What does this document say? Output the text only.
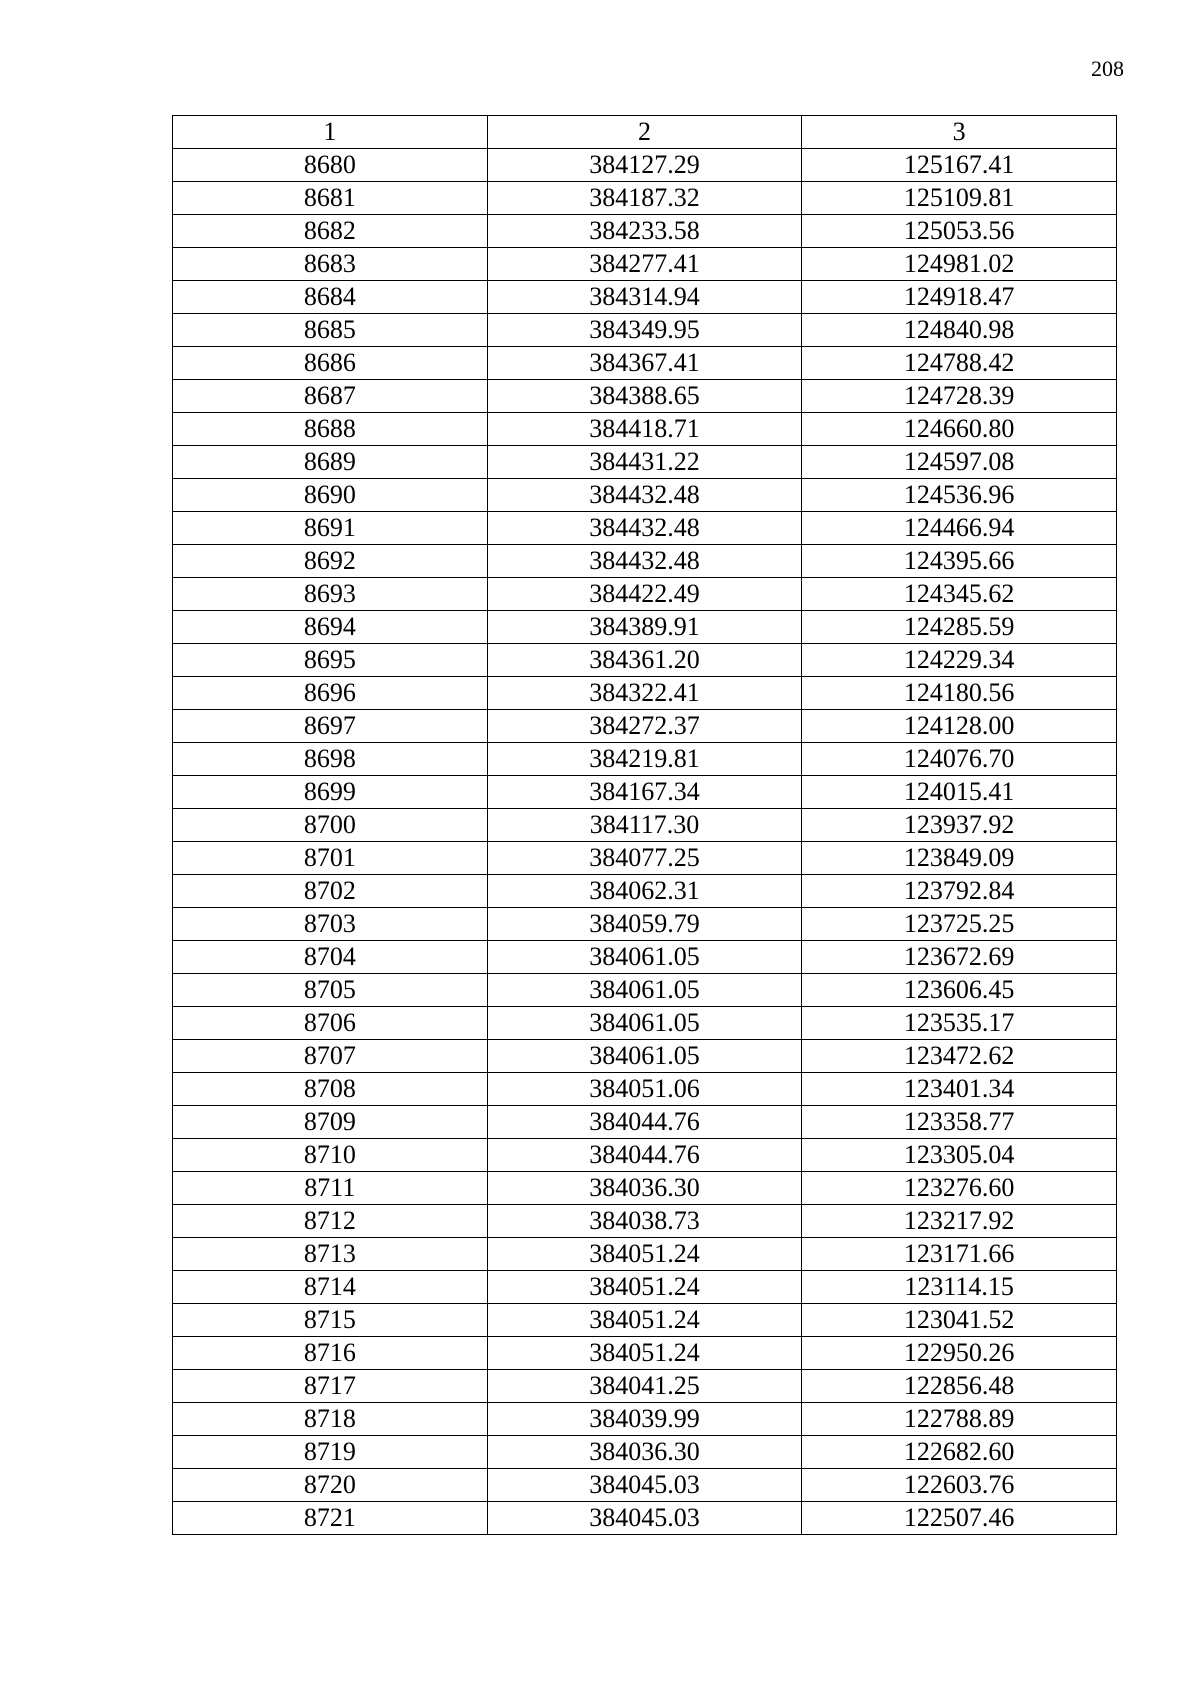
208
1	2	3
8680	384127.29	125167.41
8681	384187.32	125109.81
8682	384233.58	125053.56
8683	384277.41	124981.02
8684	384314.94	124918.47
8685	384349.95	124840.98
8686	384367.41	124788.42
8687	384388.65	124728.39
8688	384418.71	124660.80
8689	384431.22	124597.08
8690	384432.48	124536.96
8691	384432.48	124466.94
8692	384432.48	124395.66
8693	384422.49	124345.62
8694	384389.91	124285.59
8695	384361.20	124229.34
8696	384322.41	124180.56
8697	384272.37	124128.00
8698	384219.81	124076.70
8699	384167.34	124015.41
8700	384117.30	123937.92
8701	384077.25	123849.09
8702	384062.31	123792.84
8703	384059.79	123725.25
8704	384061.05	123672.69
8705	384061.05	123606.45
8706	384061.05	123535.17
8707	384061.05	123472.62
8708	384051.06	123401.34
8709	384044.76	123358.77
8710	384044.76	123305.04
8711	384036.30	123276.60
8712	384038.73	123217.92
8713	384051.24	123171.66
8714	384051.24	123114.15
8715	384051.24	123041.52
8716	384051.24	122950.26
8717	384041.25	122856.48
8718	384039.99	122788.89
8719	384036.30	122682.60
8720	384045.03	122603.76
8721	384045.03	122507.46
